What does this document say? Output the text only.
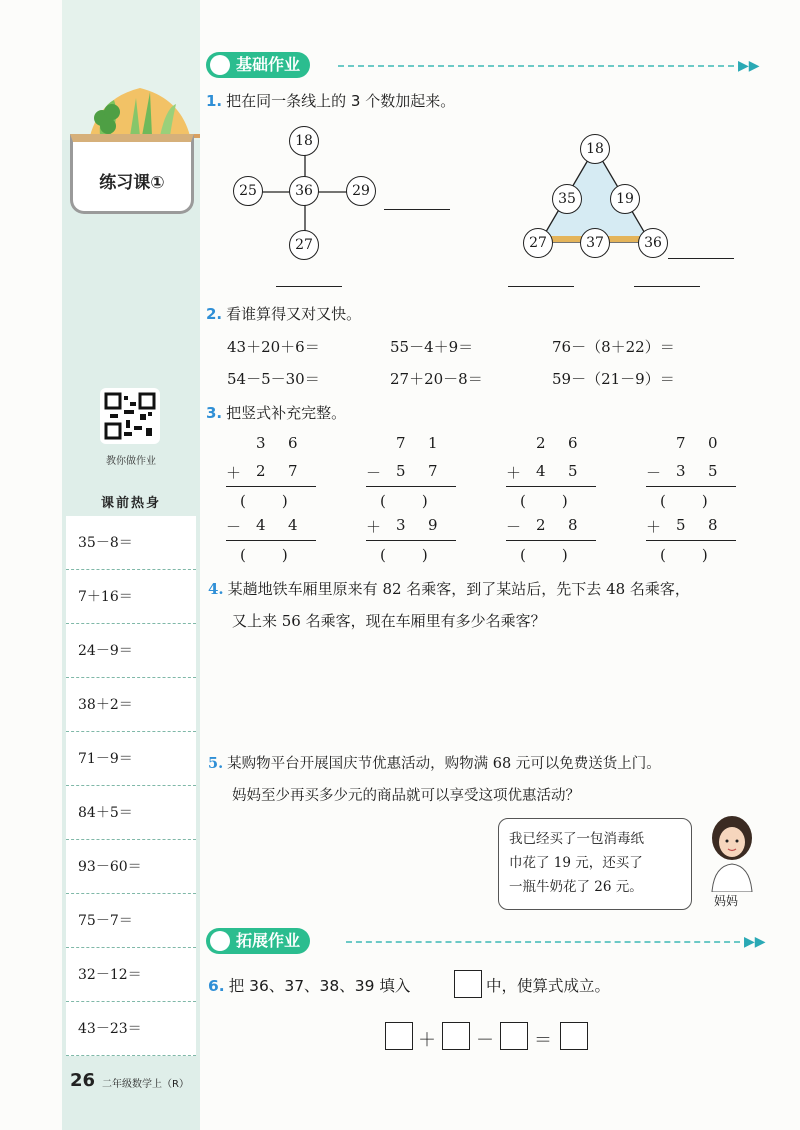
练习课①
教你做作业
课前热身
35－8＝
7＋16＝
24－9＝
38＋2＝
71－9＝
84＋5＝
93－60＝
75－7＝
32－12＝
43－23＝
26 二年级数学上（R）
基础作业	▶▶
1. 把在同一条线上的 3 个数加起来。
18
25	36	29
27
18
35	19
27	37	36
2. 看谁算得又对又快。
43＋20＋6＝	55－4＋9＝	76－（8＋22）＝
54－5－30＝	27＋20－8＝	59－（21－9）＝
3. 把竖式补充完整。
3 6
＋ 2 7
(　　)
－ 4 4
(　　)
7 1
－ 5 7
(　　)
＋ 3 9
(　　)
2 6
＋ 4 5
(　　)
－ 2 8
(　　)
7 0
－ 3 5
(　　)
＋ 5 8
(　　)
4. 某趟地铁车厢里原来有 82 名乘客，到了某站后，先下去 48 名乘客，
又上来 56 名乘客，现在车厢里有多少名乘客？
5. 某购物平台开展国庆节优惠活动，购物满 68 元可以免费送货上门。
妈妈至少再买多少元的商品就可以享受这项优惠活动？
我已经买了一包消毒纸
巾花了 19 元，还买了
一瓶牛奶花了 26 元。
妈妈
拓展作业	▶▶
6. 把 36、37、38、39 填入	中，使算式成立。
＋ － ＝
